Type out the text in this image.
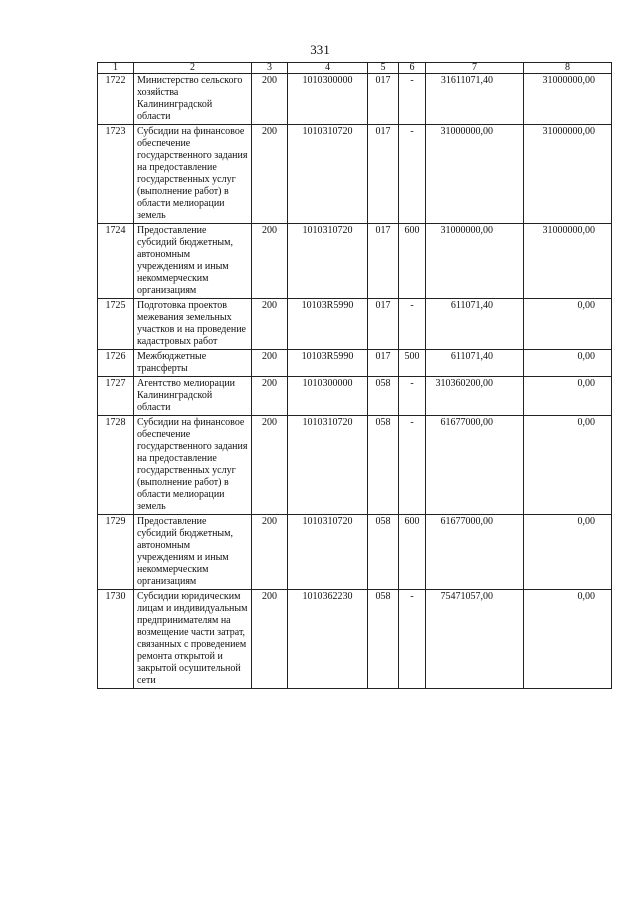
331
1	2	3	4	5	6	7	8
1722	Министерство сельского хозяйства Калининградской области	200	1010300000	017	-	31611071,40	31000000,00
1723	Субсидии на финансовое обеспечение государственного задания на предоставление государственных услуг (выполнение работ) в области мелиорации земель	200	1010310720	017	-	31000000,00	31000000,00
1724	Предоставление субсидий бюджетным, автономным учреждениям и иным некоммерческим организациям	200	1010310720	017	600	31000000,00	31000000,00
1725	Подготовка проектов межевания земельных участков и на проведение кадастровых работ	200	10103R5990	017	-	611071,40	0,00
1726	Межбюджетные трансферты	200	10103R5990	017	500	611071,40	0,00
1727	Агентство мелиорации Калининградской области	200	1010300000	058	-	310360200,00	0,00
1728	Субсидии на финансовое обеспечение государственного задания на предоставление государственных услуг (выполнение работ) в области мелиорации земель	200	1010310720	058	-	61677000,00	0,00
1729	Предоставление субсидий бюджетным, автономным учреждениям и иным некоммерческим организациям	200	1010310720	058	600	61677000,00	0,00
1730	Субсидии юридическим лицам и индивидуальным предпринимателям на возмещение части затрат, связанных с проведением ремонта открытой и закрытой осушительной сети	200	1010362230	058	-	75471057,00	0,00
